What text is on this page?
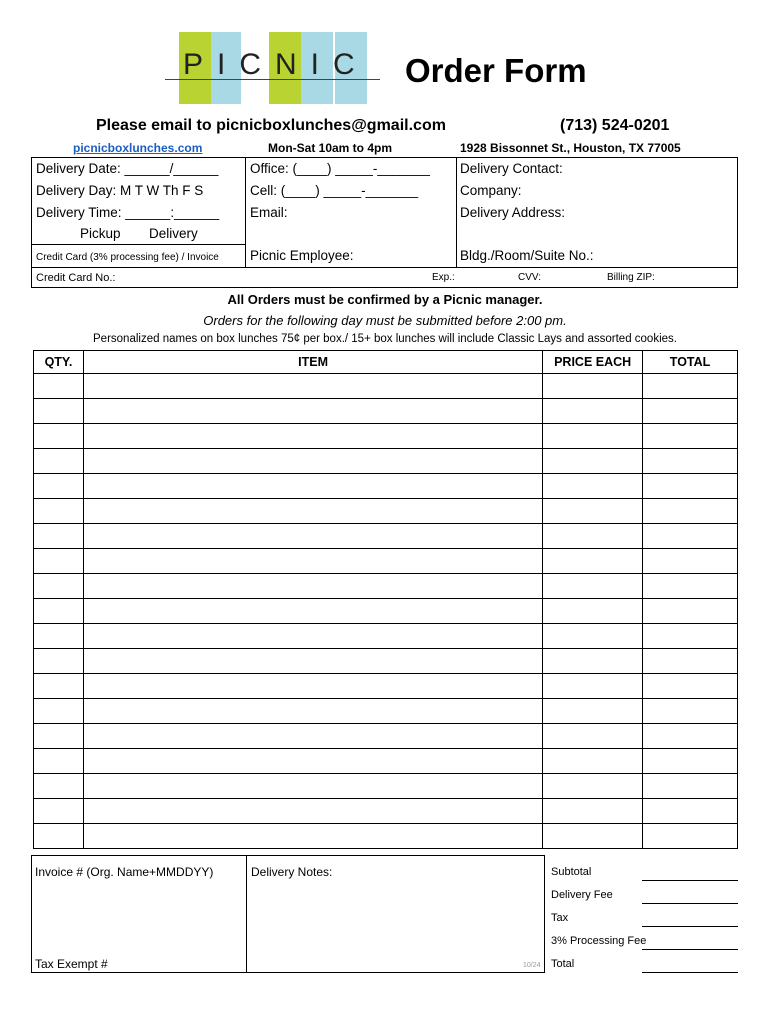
PICNIC	Order Form
Please email to picnicboxlunches@gmail.com	(713) 524-0201
picnicboxlunches.com	Mon-Sat 10am to 4pm	1928 Bissonnet St., Houston, TX 77005
Delivery Date: ______/______
Delivery Day: M T W Th F S
Delivery Time: ______:______
Pickup Delivery
Credit Card (3% processing fee) / Invoice
Office: (____) _____-_______
Cell: (____) _____-_______
Email:
Picnic Employee:
Delivery Contact:
Company:
Delivery Address:
Bldg./Room/Suite No.:
Credit Card No.:	Exp.:	CVV:	Billing ZIP:
All Orders must be confirmed by a Picnic manager.
Orders for the following day must be submitted before 2:00 pm.
Personalized names on box lunches 75¢ per box./ 15+ box lunches will include Classic Lays and assorted cookies.
QTY.	ITEM	PRICE EACH	TOTAL

Invoice # (Org. Name+MMDDYY)
Tax Exempt #
Delivery Notes:
10/24
Subtotal
Delivery Fee
Tax
3% Processing Fee
Total
